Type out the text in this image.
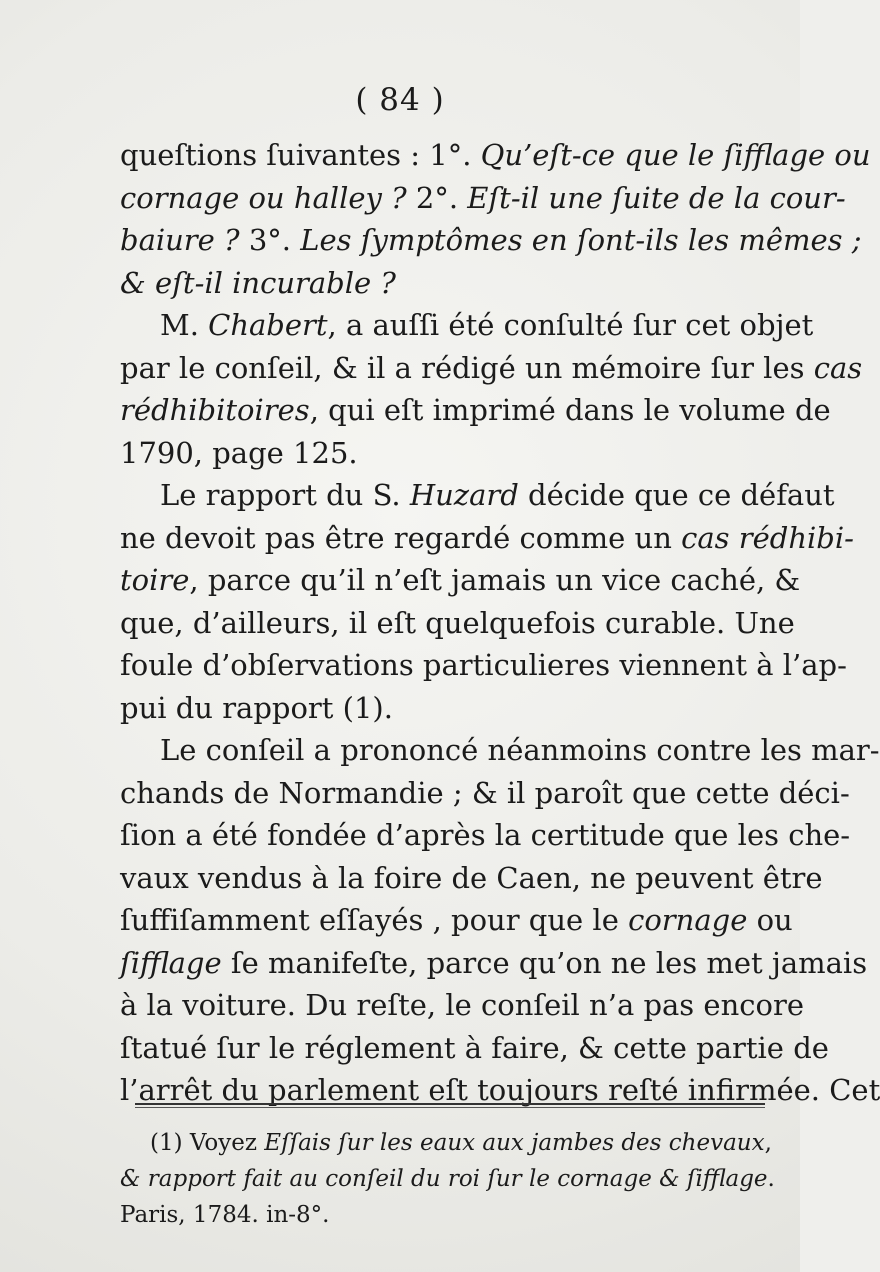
( 84 )
queſtions ſuivantes : 1°. Qu’eſt-ce que le ſifflage ou
cornage ou halley ? 2°. Eſt-il une ſuite de la cour-
baiure ? 3°. Les ſymptômes en ſont-ils les mêmes ;
& eſt-il incurable ?
M. Chabert, a auſſi été conſulté ſur cet objet
par le conſeil, & il a rédigé un mémoire ſur les cas
rédhibitoires, qui eſt imprimé dans le volume de
1790, page 125.
Le rapport du S. Huzard décide que ce défaut
ne devoit pas être regardé comme un cas rédhibi-
toire, parce qu’il n’eſt jamais un vice caché, &
que, d’ailleurs, il eſt quelquefois curable. Une
foule d’obſervations particulieres viennent à l’ap-
pui du rapport (1).
Le conſeil a prononcé néanmoins contre les mar-
chands de Normandie ; & il paroît que cette déci-
ſion a été fondée d’après la certitude que les che-
vaux vendus à la foire de Caen, ne peuvent être
ſuffiſamment eſſayés , pour que le cornage ou
ſifflage ſe manifeſte, parce qu’on ne les met jamais
à la voiture. Du reſte, le conſeil n’a pas encore
ſtatué ſur le réglement à faire, & cette partie de
l’arrêt du parlement eſt toujours reſté infirmée. Cet
(1) Voyez Eſſais ſur les eaux aux jambes des chevaux,
& rapport fait au conſeil du roi ſur le cornage & ſifflage.
Paris, 1784. in-8°.
